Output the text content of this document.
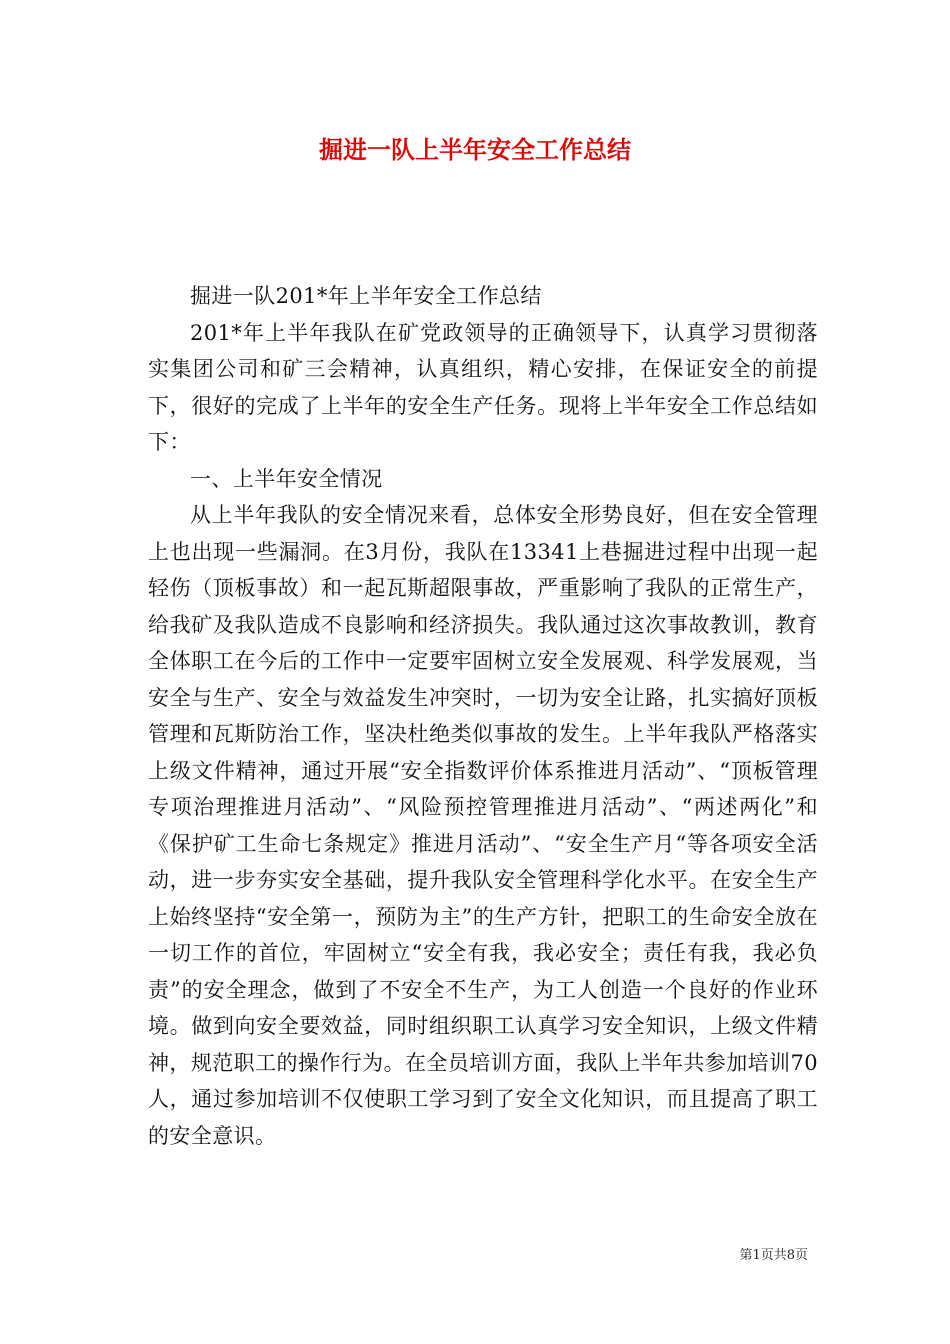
掘进一队上半年安全工作总结

掘进一队201*年上半年安全工作总结

201*年上半年我队在矿党政领导的正确领导下，认真学习贯彻落实集团公司和矿三会精神，认真组织，精心安排，在保证安全的前提下，很好的完成了上半年的安全生产任务。现将上半年安全工作总结如下：

一、上半年安全情况

从上半年我队的安全情况来看，总体安全形势良好，但在安全管理上也出现一些漏洞。在3月份，我队在13341上巷掘进过程中出现一起轻伤（顶板事故）和一起瓦斯超限事故，严重影响了我队的正常生产，给我矿及我队造成不良影响和经济损失。我队通过这次事故教训，教育全体职工在今后的工作中一定要牢固树立安全发展观、科学发展观，当安全与生产、安全与效益发生冲突时，一切为安全让路，扎实搞好顶板管理和瓦斯防治工作，坚决杜绝类似事故的发生。上半年我队严格落实上级文件精神，通过开展“安全指数评价体系推进月活动”、“顶板管理专项治理推进月活动”、“风险预控管理推进月活动”、“两述两化”和《保护矿工生命七条规定》推进月活动”、“安全生产月“等各项安全活动，进一步夯实安全基础，提升我队安全管理科学化水平。在安全生产上始终坚持“安全第一，预防为主”的生产方针，把职工的生命安全放在一切工作的首位，牢固树立“安全有我，我必安全；责任有我，我必负责”的安全理念，做到了不安全不生产，为工人创造一个良好的作业环境。做到向安全要效益，同时组织职工认真学习安全知识，上级文件精神，规范职工的操作行为。在全员培训方面，我队上半年共参加培训70人，通过参加培训不仅使职工学习到了安全文化知识，而且提高了职工的安全意识。

第1页共8页
